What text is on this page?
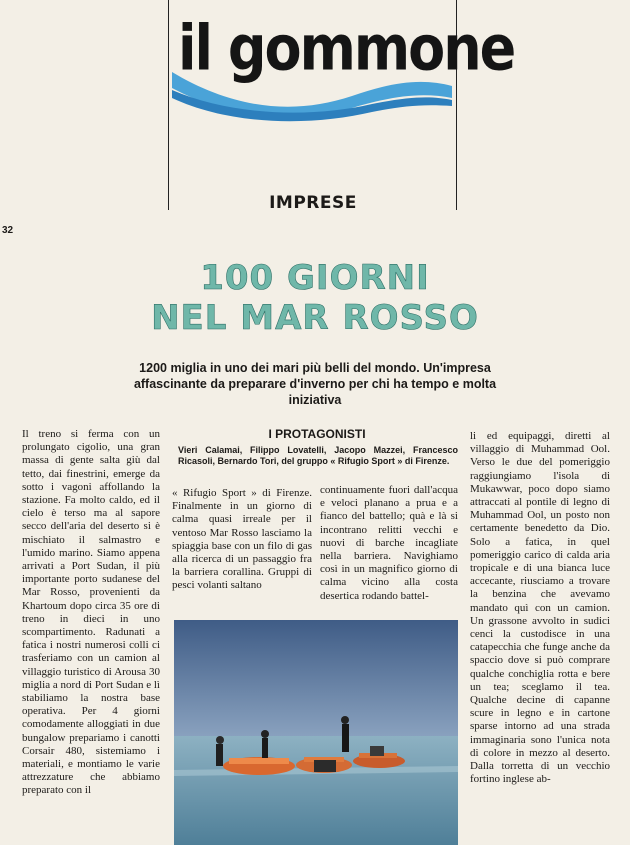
il gommone
IMPRESE
32
100 GIORNI
NEL MAR ROSSO
1200 miglia in uno dei mari più belli del mondo. Un'impresa affascinante da preparare d'inverno per chi ha tempo e molta iniziativa
Il treno si ferma con un prolungato cigolio, una gran massa di gente salta giù dal tetto, dai finestrini, emerge da sotto i vagoni affollando la stazione. Fa molto caldo, ed il cielo è terso ma al sapore secco dell'aria del deserto si è mischiato il salmastro e l'umido marino. Siamo appena arrivati a Port Sudan, il più importante porto sudanese del Mar Rosso, provenienti da Khartoum dopo circa 35 ore di treno in dieci in uno scompartimento. Radunati a fatica i nostri numerosi colli ci trasferiamo con un camion al villaggio turistico di Arousa 30 miglia a nord di Port Sudan e lì stabiliamo la nostra base operativa. Per 4 giorni comodamente alloggiati in due bungalow prepariamo i canotti Corsair 480, sistemiamo i materiali, e montiamo le varie attrezzature che abbiamo preparato con il
I PROTAGONISTI
Vieri Calamai, Filippo Lovatelli, Jacopo Mazzei, Francesco Ricasoli, Bernardo Tori, del gruppo « Rifugio Sport » di Firenze.
« Rifugio Sport » di Firenze. Finalmente in un giorno di calma quasi irreale per il ventoso Mar Rosso lasciamo la spiaggia base con un filo di gas alla ricerca di un passaggio fra la barriera corallina. Gruppi di pesci volanti saltano
continuamente fuori dall'acqua e veloci planano a prua e a fianco del battello; quà e là si incontrano relitti vecchi e nuovi di barche incagliate nella barriera. Navighiamo così in un magnifico giorno di calma vicino alla costa desertica rodando battel-
li ed equipaggi, diretti al villaggio di Muhammad Ool. Verso le due del pomeriggio raggiungiamo l'isola di Mukawwar, poco dopo siamo attraccati al pontile di legno di Muhammad Ool, un posto non certamente benedetto da Dio. Solo a fatica, in quel pomeriggio carico di calda aria tropicale e di una bianca luce accecante, riusciamo a trovare la benzina che avevamo mandato quì con un camion. Un grassone avvolto in sudici cenci la custodisce in una catapecchia che funge anche da spaccio dove si può comprare qualche conchiglia rotta e bere un tea; sceglamo il tea. Qualche decine di capanne scure in legno e in cartone sparse intorno ad una strada immaginaria sono l'unica nota di colore in mezzo al deserto. Dalla torretta di un vecchio fortino inglese ab-
